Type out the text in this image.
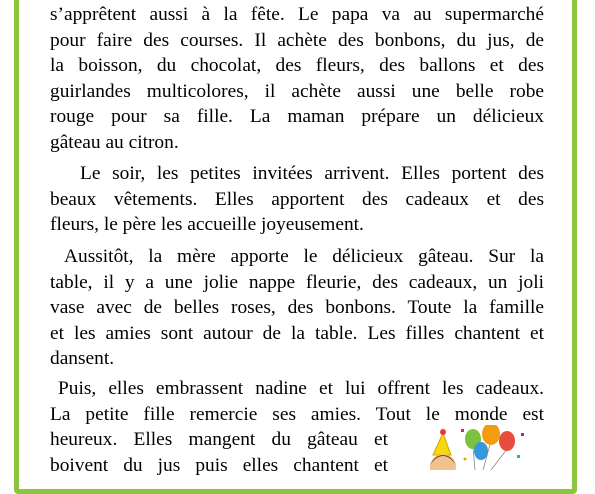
s’apprêtent aussi à la fête. Le papa va au supermarché
pour faire des courses. Il achète des bonbons, du jus, de
la boisson, du chocolat, des fleurs, des ballons et des
guirlandes multicolores, il achète aussi une belle robe
rouge pour sa fille. La maman prépare un délicieux
gâteau au citron.
Le soir, les petites invitées arrivent. Elles portent des
beaux vêtements. Elles apportent des cadeaux et des
fleurs, le père les accueille joyeusement.
Aussitôt, la mère apporte le délicieux gâteau. Sur la
table, il y a une jolie nappe fleurie, des cadeaux, un joli
vase avec de belles roses, des bonbons. Toute la famille
et les amies sont autour de la table. Les filles chantent et
dansent.
Puis, elles embrassent nadine et lui offrent les cadeaux.
La petite fille remercie ses amies. Tout le monde est
heureux. Elles mangent du gâteau et
boivent du jus puis elles chantent et
